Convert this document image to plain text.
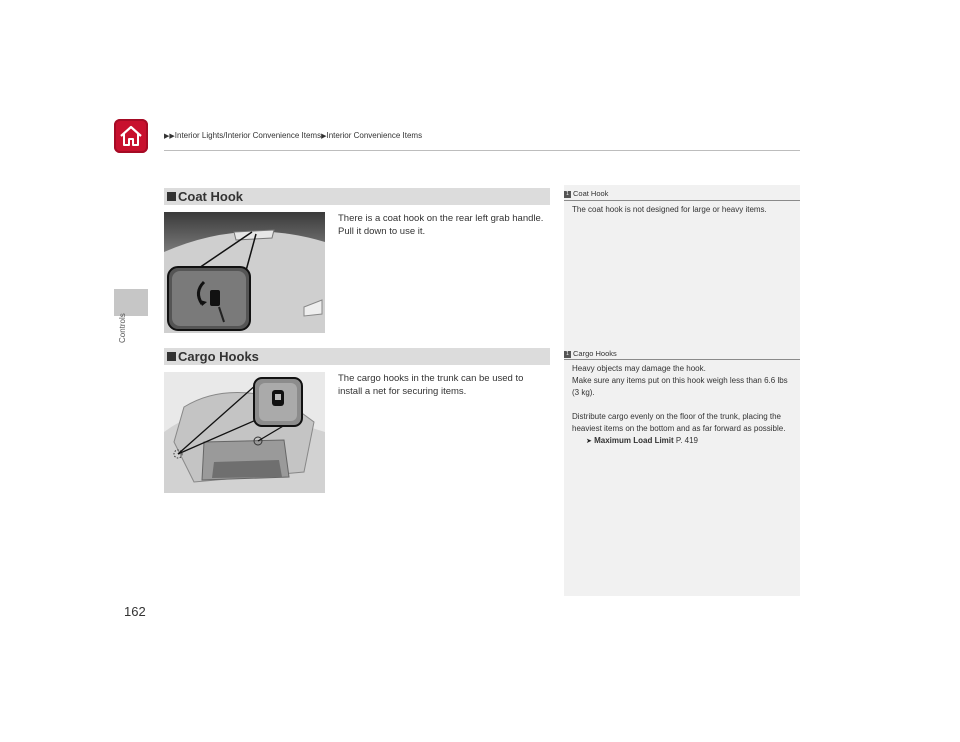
▶▶Interior Lights/Interior Convenience Items▶Interior Convenience Items
Controls
Coat Hook
There is a coat hook on the rear left grab handle. Pull it down to use it.
Cargo Hooks
The cargo hooks in the trunk can be used to install a net for securing items.
1 Coat Hook
The coat hook is not designed for large or heavy items.
1 Cargo Hooks
Heavy objects may damage the hook.
Make sure any items put on this hook weigh less than 6.6 lbs (3 kg).
Distribute cargo evenly on the floor of the trunk, placing the heaviest items on the bottom and as far forward as possible.
➤ Maximum Load Limit P. 419
162
